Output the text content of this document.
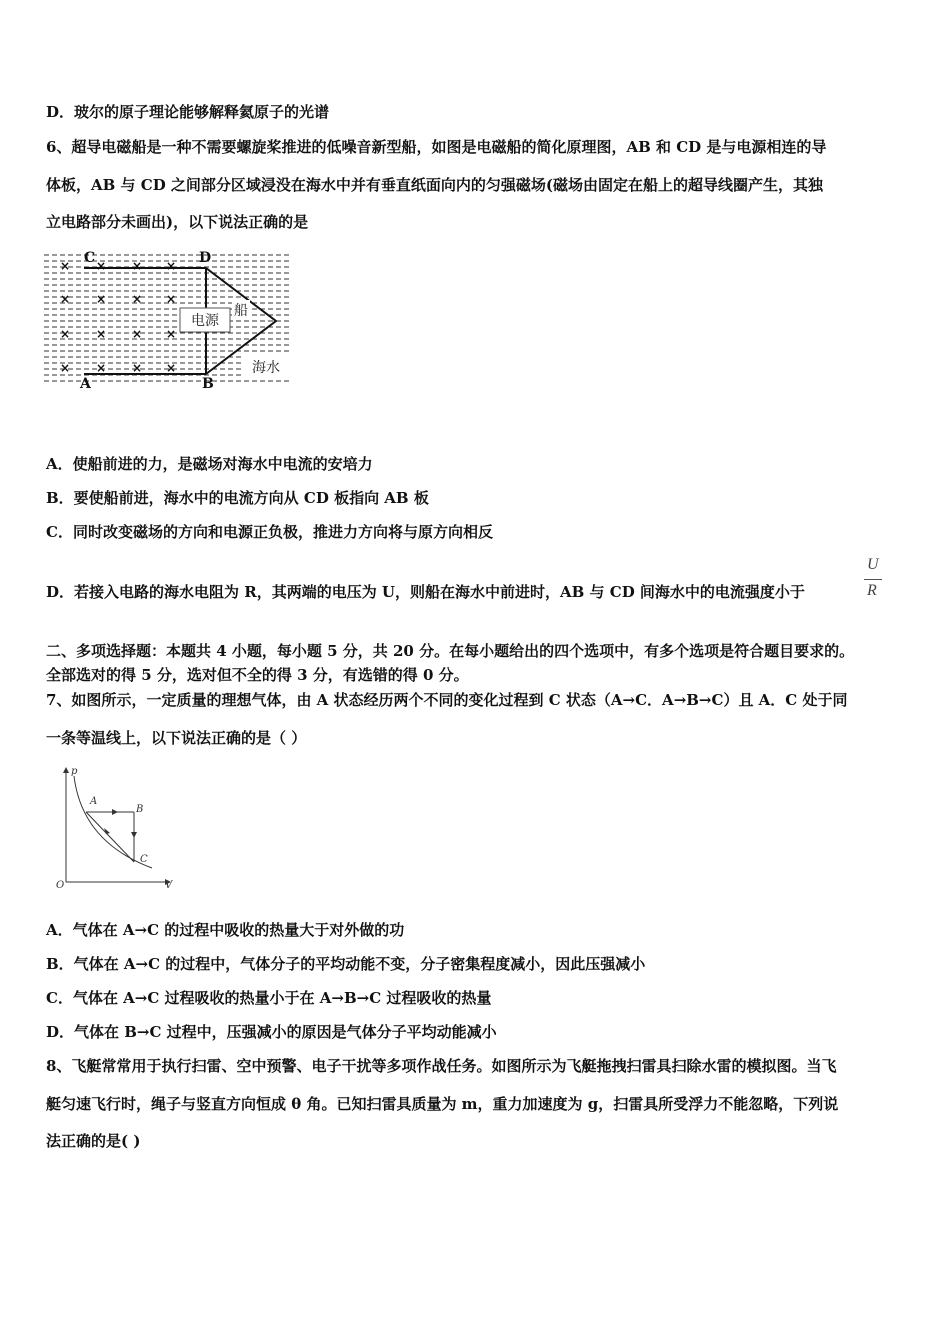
D．玻尔的原子理论能够解释氦原子的光谱
6、超导电磁船是一种不需要螺旋桨推进的低噪音新型船，如图是电磁船的简化原理图，AB 和 CD 是与电源相连的导
体板，AB 与 CD 之间部分区域浸没在海水中并有垂直纸面向内的匀强磁场(磁场由固定在船上的超导线圈产生，其独
立电路部分未画出)，以下说法正确的是
× × × ×
× × × ×
× × × ×
× × × ×
C	D
A	B
电源
船
海水
A．使船前进的力，是磁场对海水中电流的安培力
B．要使船前进，海水中的电流方向从 CD 板指向 AB 板
C．同时改变磁场的方向和电源正负极，推进力方向将与原方向相反
D．若接入电路的海水电阻为 R，其两端的电压为 U，则船在海水中前进时，AB 与 CD 间海水中的电流强度小于
U
R
二、多项选择题：本题共 4 小题，每小题 5 分，共 20 分。在每小题给出的四个选项中，有多个选项是符合题目要求的。
全部选对的得 5 分，选对但不全的得 3 分，有选错的得 0 分。
7、如图所示，一定质量的理想气体，由 A 状态经历两个不同的变化过程到 C 状态（A→C．A→B→C）且 A．C 处于同
一条等温线上，以下说法正确的是（ ）
p
V
O
A
B
C
A．气体在 A→C 的过程中吸收的热量大于对外做的功
B．气体在 A→C 的过程中，气体分子的平均动能不变，分子密集程度减小，因此压强减小
C．气体在 A→C 过程吸收的热量小于在 A→B→C 过程吸收的热量
D．气体在 B→C 过程中，压强减小的原因是气体分子平均动能减小
8、飞艇常常用于执行扫雷、空中预警、电子干扰等多项作战任务。如图所示为飞艇拖拽扫雷具扫除水雷的模拟图。当飞
艇匀速飞行时，绳子与竖直方向恒成 θ 角。已知扫雷具质量为 m，重力加速度为 g，扫雷具所受浮力不能忽略，下列说
法正确的是( )
